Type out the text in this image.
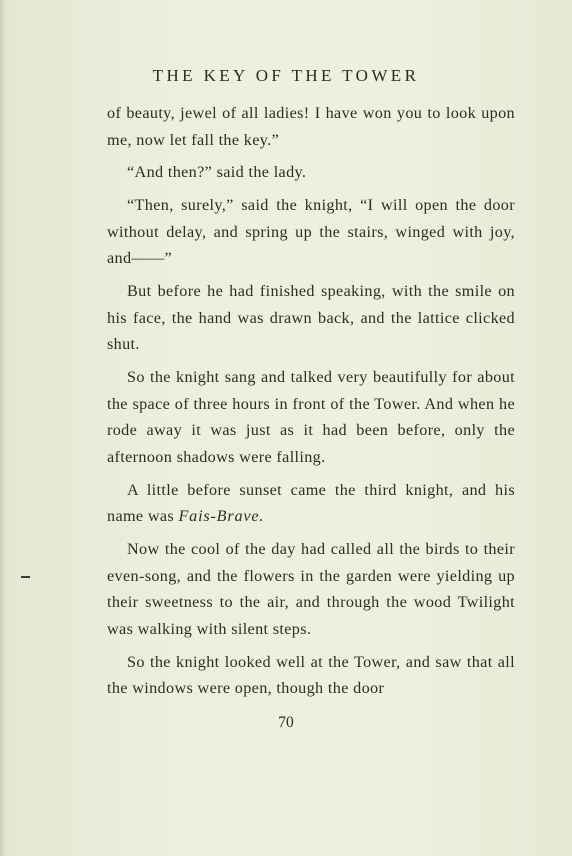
THE KEY OF THE TOWER

of beauty, jewel of all ladies! I have won you to look upon me, now let fall the key.”

“And then?” said the lady.

“Then, surely,” said the knight, “I will open the door without delay, and spring up the stairs, winged with joy, and——”

But before he had finished speaking, with the smile on his face, the hand was drawn back, and the lattice clicked shut.

So the knight sang and talked very beautifully for about the space of three hours in front of the Tower. And when he rode away it was just as it had been before, only the afternoon shadows were falling.

A little before sunset came the third knight, and his name was Fais-Brave.

Now the cool of the day had called all the birds to their even-song, and the flowers in the garden were yielding up their sweetness to the air, and through the wood Twilight was walking with silent steps.

So the knight looked well at the Tower, and saw that all the windows were open, though the door

70
